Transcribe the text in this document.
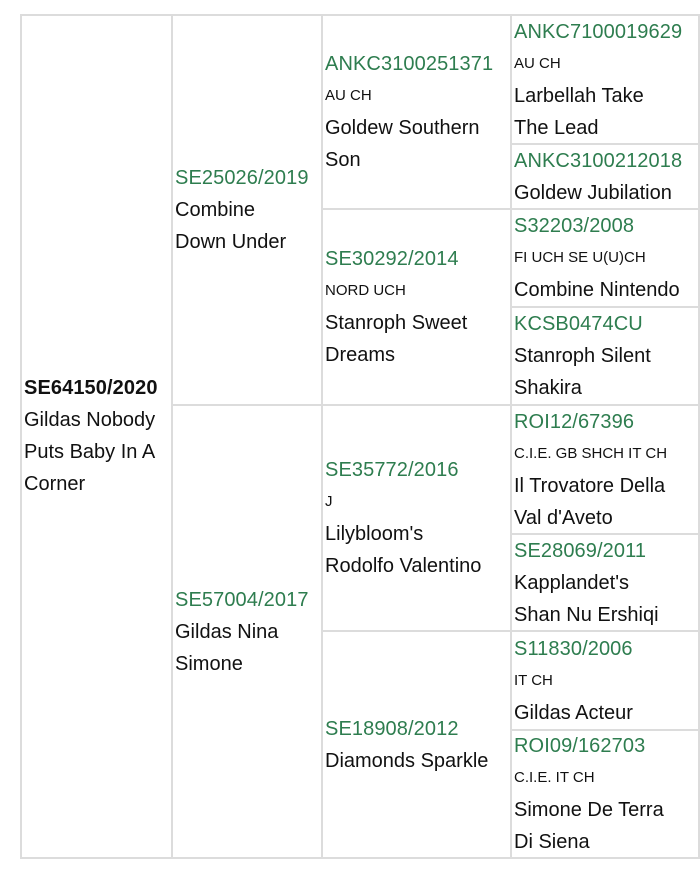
SE64150/2020
Gildas Nobody
Puts Baby In A
Corner
SE25026/2019
Combine
Down Under
SE57004/2017
Gildas Nina
Simone
ANKC3100251371
AU CH
Goldew Southern
Son
SE30292/2014
NORD UCH
Stanroph Sweet
Dreams
SE35772/2016
J
Lilybloom's
Rodolfo Valentino
SE18908/2012
Diamonds Sparkle
ANKC7100019629
AU CH
Larbellah Take
The Lead
ANKC3100212018
Goldew Jubilation
S32203/2008
FI UCH SE U(U)CH
Combine Nintendo
KCSB0474CU
Stanroph Silent
Shakira
ROI12/67396
C.I.E. GB SHCH IT CH
Il Trovatore Della
Val d'Aveto
SE28069/2011
Kapplandet's
Shan Nu Ershiqi
S11830/2006
IT CH
Gildas Acteur
ROI09/162703
C.I.E. IT CH
Simone De Terra
Di Siena
